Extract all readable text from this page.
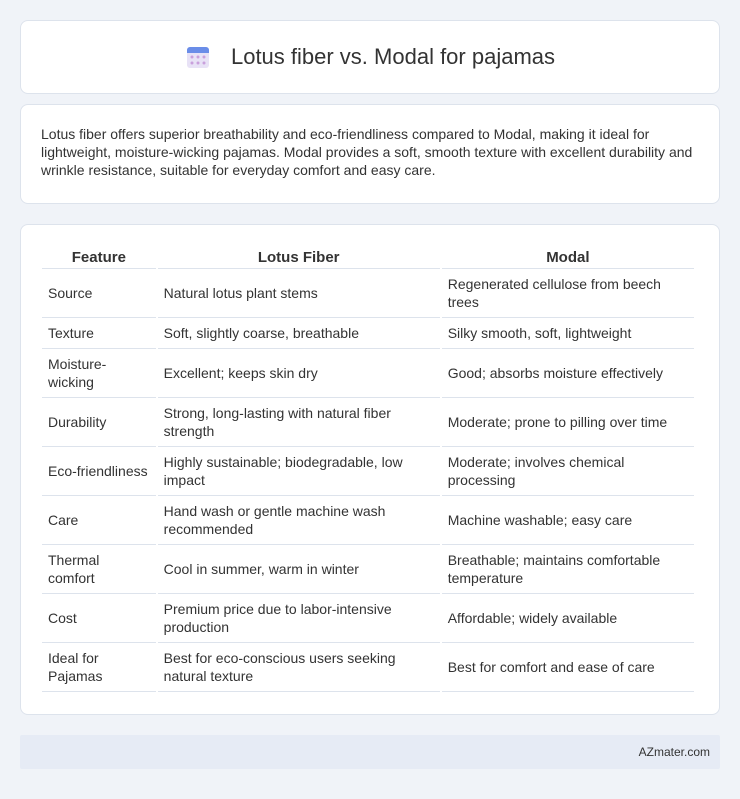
Lotus fiber vs. Modal for pajamas

Lotus fiber offers superior breathability and eco-friendliness compared to Modal, making it ideal for lightweight, moisture-wicking pajamas. Modal provides a soft, smooth texture with excellent durability and wrinkle resistance, suitable for everyday comfort and easy care.

Feature	Lotus Fiber	Modal
Source	Natural lotus plant stems	Regenerated cellulose from beech trees
Texture	Soft, slightly coarse, breathable	Silky smooth, soft, lightweight
Moisture-wicking	Excellent; keeps skin dry	Good; absorbs moisture effectively
Durability	Strong, long-lasting with natural fiber strength	Moderate; prone to pilling over time
Eco-friendliness	Highly sustainable; biodegradable, low impact	Moderate; involves chemical processing
Care	Hand wash or gentle machine wash recommended	Machine washable; easy care
Thermal comfort	Cool in summer, warm in winter	Breathable; maintains comfortable temperature
Cost	Premium price due to labor-intensive production	Affordable; widely available
Ideal for Pajamas	Best for eco-conscious users seeking natural texture	Best for comfort and ease of care
AZmater.com
